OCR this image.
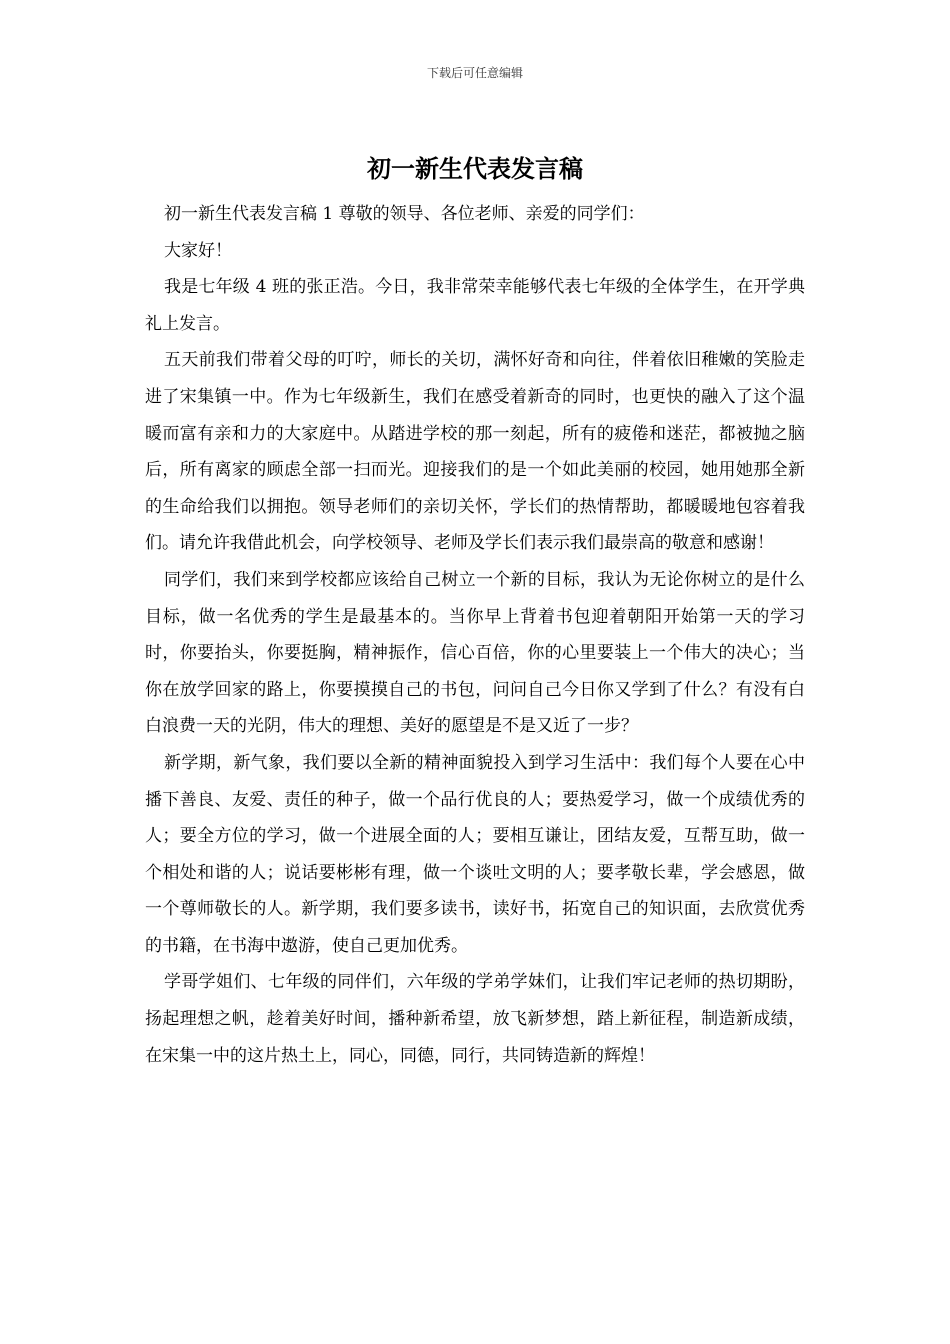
下载后可任意编辑
初一新生代表发言稿

初一新生代表发言稿 1 尊敬的领导、各位老师、亲爱的同学们：

大家好！

我是七年级 4 班的张正浩。今日，我非常荣幸能够代表七年级的全体学生，在开学典礼上发言。

五天前我们带着父母的叮咛，师长的关切，满怀好奇和向往，伴着依旧稚嫩的笑脸走进了宋集镇一中。作为七年级新生，我们在感受着新奇的同时，也更快的融入了这个温暖而富有亲和力的大家庭中。从踏进学校的那一刻起，所有的疲倦和迷茫，都被抛之脑后，所有离家的顾虑全部一扫而光。迎接我们的是一个如此美丽的校园，她用她那全新的生命给我们以拥抱。领导老师们的亲切关怀，学长们的热情帮助，都暖暖地包容着我们。请允许我借此机会，向学校领导、老师及学长们表示我们最崇高的敬意和感谢！

同学们，我们来到学校都应该给自己树立一个新的目标，我认为无论你树立的是什么目标，做一名优秀的学生是最基本的。当你早上背着书包迎着朝阳开始第一天的学习时，你要抬头，你要挺胸，精神振作，信心百倍，你的心里要装上一个伟大的决心；当你在放学回家的路上，你要摸摸自己的书包，问问自己今日你又学到了什么？有没有白白浪费一天的光阴，伟大的理想、美好的愿望是不是又近了一步？

新学期，新气象，我们要以全新的精神面貌投入到学习生活中：我们每个人要在心中播下善良、友爱、责任的种子，做一个品行优良的人；要热爱学习，做一个成绩优秀的人；要全方位的学习，做一个进展全面的人；要相互谦让，团结友爱，互帮互助，做一个相处和谐的人；说话要彬彬有理，做一个谈吐文明的人；要孝敬长辈，学会感恩，做一个尊师敬长的人。新学期，我们要多读书，读好书，拓宽自己的知识面，去欣赏优秀的书籍，在书海中遨游，使自己更加优秀。

学哥学姐们、七年级的同伴们，六年级的学弟学妹们，让我们牢记老师的热切期盼，扬起理想之帆，趁着美好时间，播种新希望，放飞新梦想，踏上新征程，制造新成绩，在宋集一中的这片热土上，同心，同德，同行，共同铸造新的辉煌！
